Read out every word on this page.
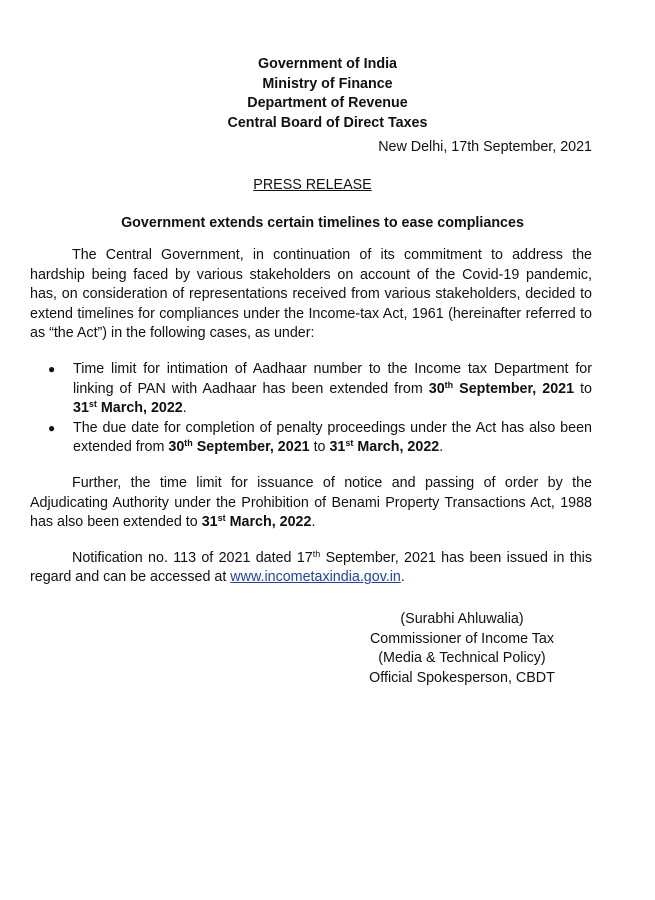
Government of India
Ministry of Finance
Department of Revenue
Central Board of Direct Taxes
New Delhi, 17th September, 2021
PRESS RELEASE
Government extends certain timelines to ease compliances

The Central Government, in continuation of its commitment to address the hardship being faced by various stakeholders on account of the Covid-19 pandemic, has, on consideration of representations received from various stakeholders, decided to extend timelines for compliances under the Income-tax Act, 1961 (hereinafter referred to as “the Act”) in the following cases, as under:

● Time limit for intimation of Aadhaar number to the Income tax Department for linking of PAN with Aadhaar has been extended from 30th September, 2021 to 31st March, 2022.
● The due date for completion of penalty proceedings under the Act has also been extended from 30th September, 2021 to 31st March, 2022.

Further, the time limit for issuance of notice and passing of order by the Adjudicating Authority under the Prohibition of Benami Property Transactions Act, 1988 has also been extended to 31st March, 2022.

Notification no. 113 of 2021 dated 17th September, 2021 has been issued in this regard and can be accessed at www.incometaxindia.gov.in.

(Surabhi Ahluwalia)
Commissioner of Income Tax
(Media & Technical Policy)
Official Spokesperson, CBDT
